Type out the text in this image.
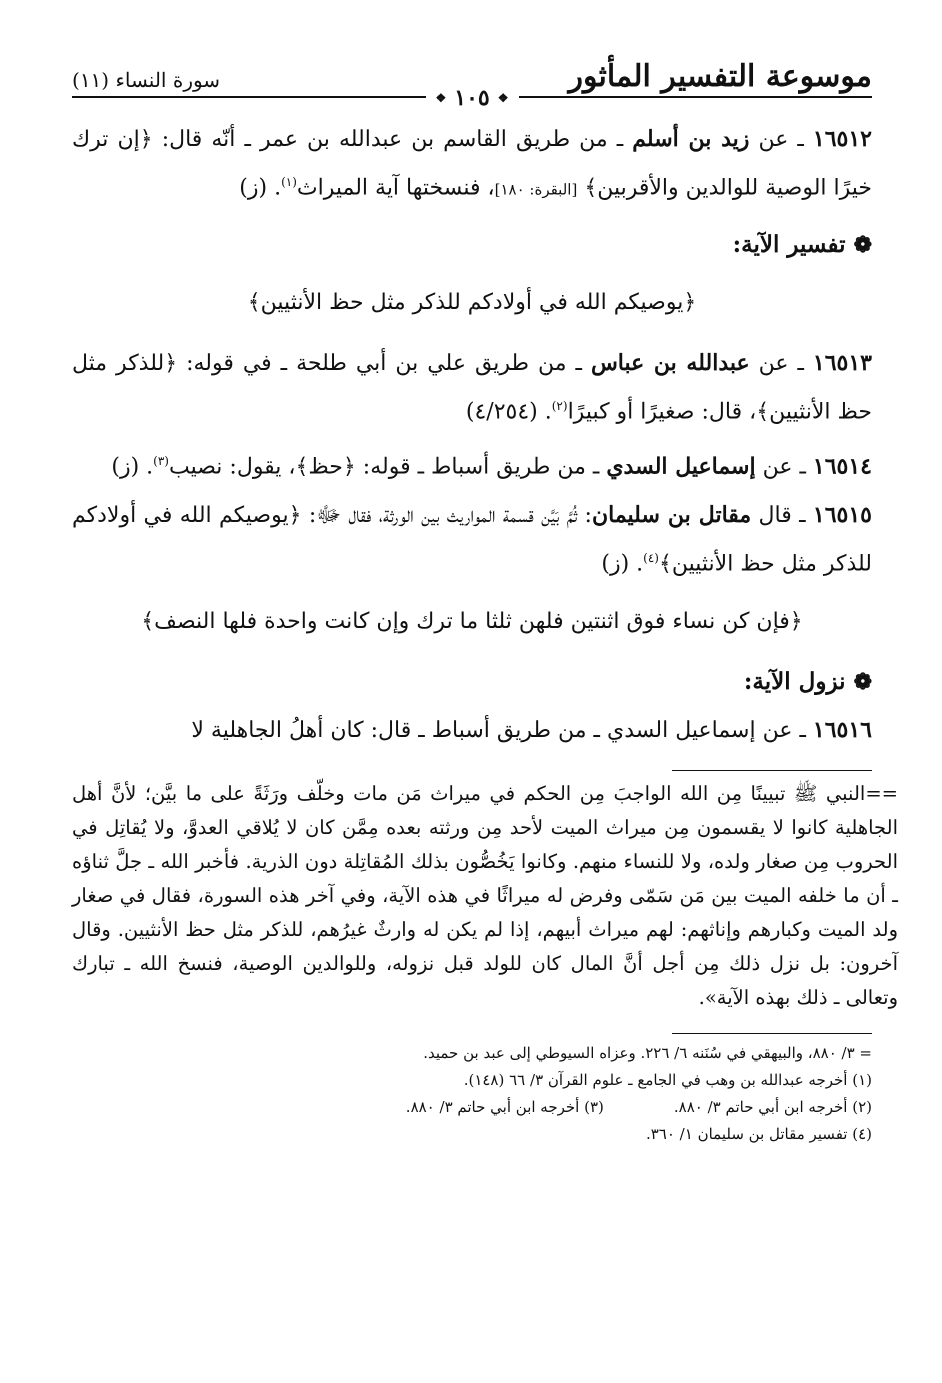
موسوعة التفسير المأثور
سورة النساء (١١)
❖
١٠٥
❖

١٦٥١٢ ـ عن زيد بن أسلم ـ من طريق القاسم بن عبدالله بن عمر ـ أنّه قال: ﴿إن ترك خيرًا الوصية للوالدين والأقربين﴾ [البقرة: ١٨٠]، فنسختها آية الميراث$^{(١)}$. (ز)

❁
تفسير الآية:
﴿يوصيكم الله في أولادكم للذكر مثل حظ الأنثيين﴾

١٦٥١٣ ـ عن عبدالله بن عباس ـ من طريق علي بن أبي طلحة ـ في قوله: ﴿للذكر مثل حظ الأنثيين﴾، قال: صغيرًا أو كبيرًا$^{(٢)}$. (٤/٢٥٤)

١٦٥١٤ ـ عن إسماعيل السدي ـ من طريق أسباط ـ قوله: ﴿حظ﴾، يقول: نصيب$^{(٣)}$. (ز)

١٦٥١٥ ـ قال مقاتل بن سليمان: ثُمَّ بَيَّن قسمة المواريث بين الورثة، فقال ﷻ: ﴿يوصيكم الله في أولادكم للذكر مثل حظ الأنثيين﴾$^{(٤)}$. (ز)

﴿فإن كن نساء فوق اثنتين فلهن ثلثا ما ترك وإن كانت واحدة فلها النصف﴾
❁
نزول الآية:

١٦٥١٦ ـ عن إسماعيل السدي ـ من طريق أسباط ـ قال: كان أهلُ الجاهلية لا

==النبي ﷺ تبيينًا مِن الله الواجبَ مِن الحكم في ميراث مَن مات وخلّف ورَثَةً على ما بيَّن؛ لأنَّ أهل الجاهلية كانوا لا يقسمون مِن ميراث الميت لأحد مِن ورثته بعده مِمَّن كان لا يُلاقي العدوَّ، ولا يُقاتِل في الحروب مِن صغار ولده، ولا للنساء منهم. وكانوا يَخُصُّون بذلك المُقاتِلة دون الذرية. فأخبر الله ـ جلَّ ثناؤه ـ أن ما خلفه الميت بين مَن سَمّى وفرض له ميراثًا في هذه الآية، وفي آخر هذه السورة، فقال في صغار ولد الميت وكبارهم وإناثهم: لهم ميراث أبيهم، إذا لم يكن له وارثٌ غيرُهم، للذكر مثل حظ الأنثيين. وقال آخرون: بل نزل ذلك مِن أجل أنَّ المال كان للولد قبل نزوله، وللوالدين الوصية، فنسخ الله ـ تبارك وتعالى ـ ذلك بهذه الآية».
= ٣/ ٨٨٠، والبيهقي في سُنَنه ٦/ ٢٢٦. وعزاه السيوطي إلى عبد بن حميد.
(١) أخرجه عبدالله بن وهب في الجامع ـ علوم القرآن ٣/ ٦٦ (١٤٨).
(٢) أخرجه ابن أبي حاتم ٣/ ٨٨٠.
(٣) أخرجه ابن أبي حاتم ٣/ ٨٨٠.
(٤) تفسير مقاتل بن سليمان ١/ ٣٦٠.
